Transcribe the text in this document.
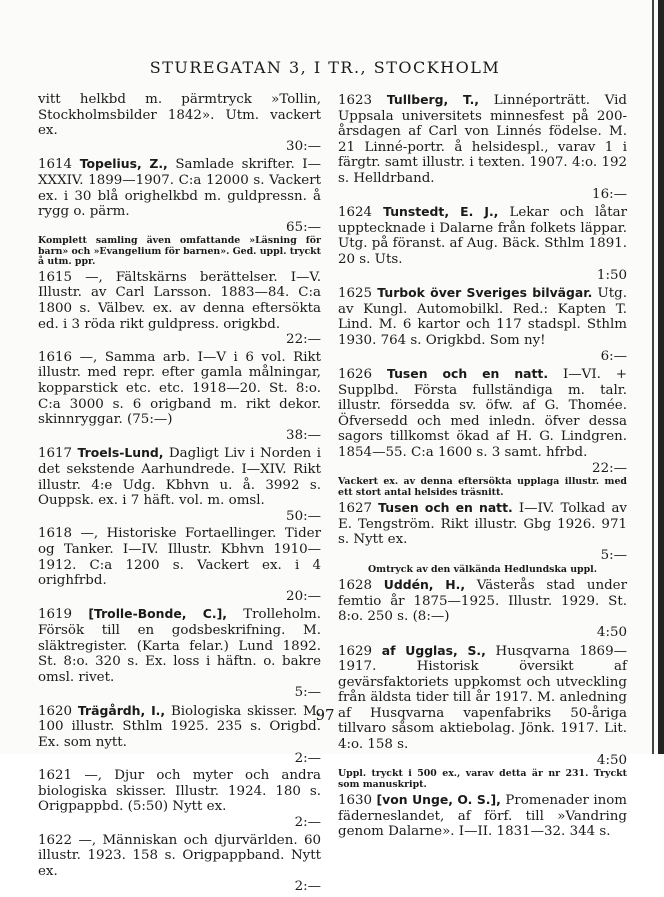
STUREGATAN 3, I TR., STOCKHOLM
vitt helkbd m. pärmtryck »Tollin, Stockholmsbilder 1842». Utm. vackert ex.
30:—
1614 Topelius, Z., Samlade skrifter. I—XXXIV. 1899—1907. C:a 12000 s. Vackert ex. i 30 blå orighelkbd m. guldpressn. å rygg o. pärm.
65:—
Komplett samling även omfattande »Läsning för barn» och »Evangelium för barnen». Ged. uppl. tryckt å utm. ppr.
1615 —, Fältskärns berättelser. I—V. Illustr. av Carl Larsson. 1883—84. C:a 1800 s. Välbev. ex. av denna eftersökta ed. i 3 röda rikt guldpress. origkbd.
22:—
1616 —, Samma arb. I—V i 6 vol. Rikt illustr. med repr. efter gamla målningar, kopparstick etc. etc. 1918—20. St. 8:o. C:a 3000 s. 6 origband m. rikt dekor. skinnryggar. (75:—)
38:—
1617 Troels-Lund, Dagligt Liv i Norden i det sekstende Aarhundrede. I—XIV. Rikt illustr. 4:e Udg. Kbhvn u. å. 3992 s. Ouppsk. ex. i 7 häft. vol. m. omsl.
50:—
1618 —, Historiske Fortaellinger. Tider og Tanker. I—IV. Illustr. Kbhvn 1910—1912. C:a 1200 s. Vackert ex. i 4 orighfrbd.
20:—
1619 [Trolle-Bonde, C.], Trolleholm. Försök till en godsbeskrifning. M. släktregister. (Karta felar.) Lund 1892. St. 8:o. 320 s. Ex. loss i häftn. o. bakre omsl. rivet.
5:—
1620 Trägårdh, I., Biologiska skisser. M. 100 illustr. Sthlm 1925. 235 s. Origbd. Ex. som nytt.
2:—
1621 —, Djur och myter och andra biologiska skisser. Illustr. 1924. 180 s. Origpappbd. (5:50) Nytt ex.
2:—
1622 —, Människan och djurvärlden. 60 illustr. 1923. 158 s. Origpappband. Nytt ex.
2:—
1623 Tullberg, T., Linnéporträtt. Vid Uppsala universitets minnesfest på 200-årsdagen af Carl von Linnés födelse. M. 21 Linné-portr. å helsidespl., varav 1 i färgtr. samt illustr. i texten. 1907. 4:o. 192 s. Helldrband.
16:—
1624 Tunstedt, E. J., Lekar och låtar upptecknade i Dalarne från folkets läppar. Utg. på föranst. af Aug. Bäck. Sthlm 1891. 20 s. Uts.
1:50
1625 Turbok över Sveriges bilvägar. Utg. av Kungl. Automobilkl. Red.: Kapten T. Lind. M. 6 kartor och 117 stadspl. Sthlm 1930. 764 s. Origkbd. Som ny!
6:—
1626 Tusen och en natt. I—VI. + Supplbd. Första fullständiga m. talr. illustr. försedda sv. öfw. af G. Thomée. Öfversedd och med inledn. öfver dessa sagors tillkomst ökad af H. G. Lindgren. 1854—55. C:a 1600 s. 3 samt. hfrbd.
22:—
Vackert ex. av denna eftersökta upplaga illustr. med ett stort antal helsides träsnitt.
1627 Tusen och en natt. I—IV. Tolkad av E. Tengström. Rikt illustr. Gbg 1926. 971 s. Nytt ex.
5:—
Omtryck av den välkända Hedlundska uppl.
1628 Uddén, H., Västerås stad under femtio år 1875—1925. Illustr. 1929. St. 8:o. 250 s. (8:—)
4:50
1629 af Ugglas, S., Husqvarna 1869—1917. Historisk översikt af gevärsfaktoriets uppkomst och utveckling från äldsta tider till år 1917. M. anledning af Husqvarna vapenfabriks 50-åriga tillvaro såsom aktiebolag. Jönk. 1917. Lit. 4:o. 158 s.
4:50
Uppl. tryckt i 500 ex., varav detta är nr 231. Tryckt som manuskript.
1630 [von Unge, O. S.], Promenader inom fäderneslandet, af förf. till »Vandring genom Dalarne». I—II. 1831—32. 344 s.
97
